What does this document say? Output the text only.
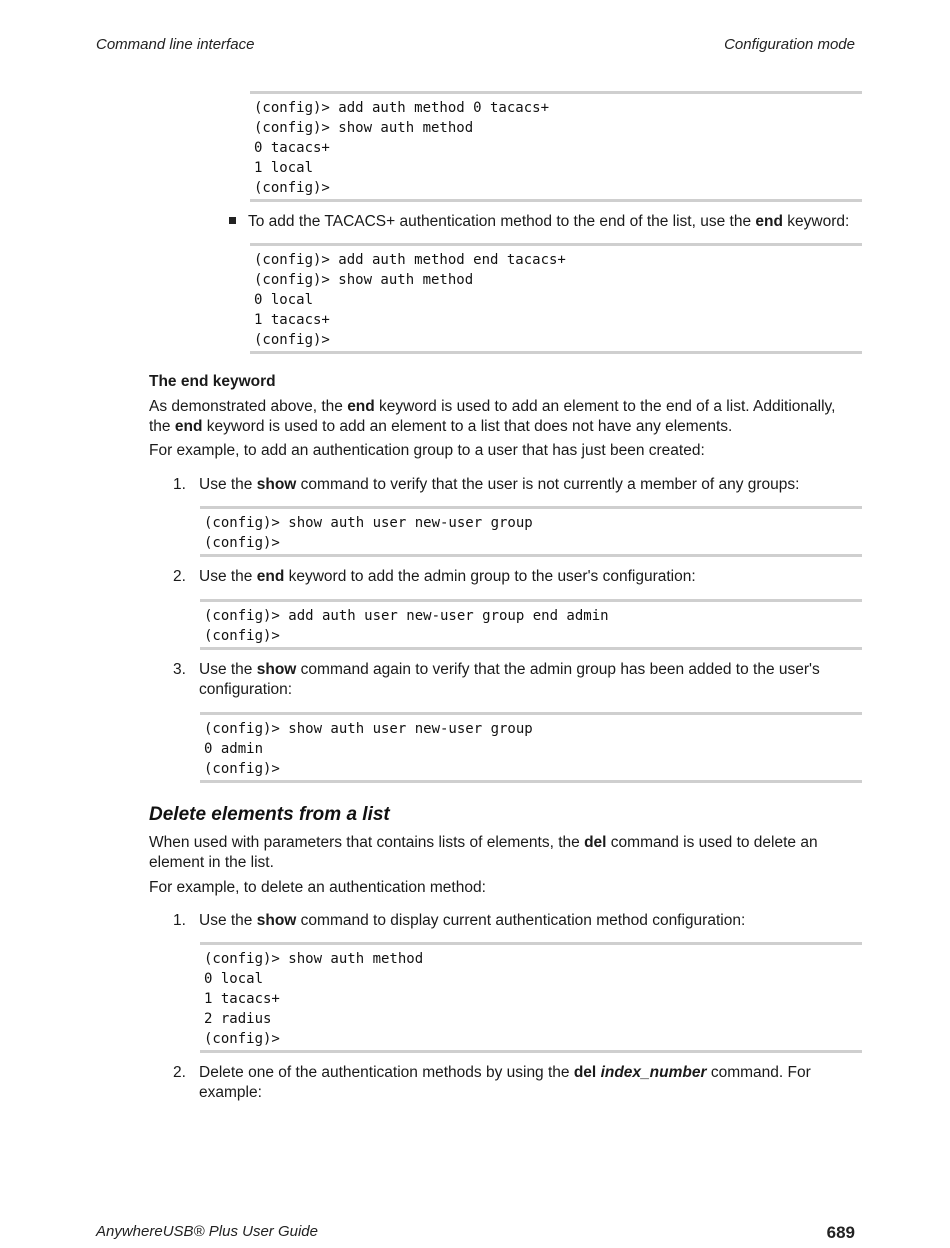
Command line interface	Configuration mode
(config)> add auth method 0 tacacs+
(config)> show auth method
0 tacacs+
1 local
(config)>
To add the TACACS+ authentication method to the end of the list, use the end keyword:
(config)> add auth method end tacacs+
(config)> show auth method
0 local
1 tacacs+
(config)>
The end keyword
As demonstrated above, the end keyword is used to add an element to the end of a list. Additionally,
the end keyword is used to add an element to a list that does not have any elements.
For example, to add an authentication group to a user that has just been created:
1. Use the show command to verify that the user is not currently a member of any groups:
(config)> show auth user new-user group
(config)>
2. Use the end keyword to add the admin group to the user's configuration:
(config)> add auth user new-user group end admin
(config)>
3. Use the show command again to verify that the admin group has been added to the user's
configuration:
(config)> show auth user new-user group
0 admin
(config)>
Delete elements from a list
When used with parameters that contains lists of elements, the del command is used to delete an
element in the list.
For example, to delete an authentication method:
1. Use the show command to display current authentication method configuration:
(config)> show auth method
0 local
1 tacacs+
2 radius
(config)>
2. Delete one of the authentication methods by using the del index_number command. For
example:
AnywhereUSB® Plus User Guide	689
